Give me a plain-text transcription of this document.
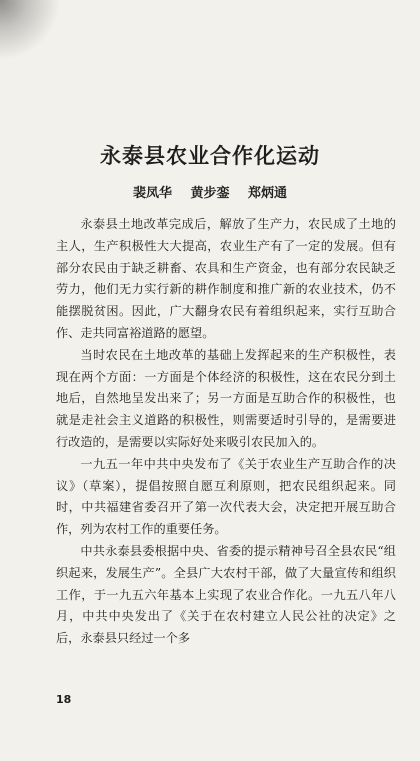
永泰县农业合作化运动
裴凤华 黄步銮 郑炳通

永泰县土地改革完成后，解放了生产力，农民成了土地的主人，生产积极性大大提高，农业生产有了一定的发展。但有部分农民由于缺乏耕畜、农具和生产资金，也有部分农民缺乏劳力，他们无力实行新的耕作制度和推广新的农业技术，仍不能摆脱贫困。因此，广大翻身农民有着组织起来，实行互助合作、走共同富裕道路的愿望。

当时农民在土地改革的基础上发挥起来的生产积极性，表现在两个方面：一方面是个体经济的积极性，这在农民分到土地后，自然地呈发出来了；另一方面是互助合作的积极性，也就是走社会主义道路的积极性，则需要适时引导的，是需要进行改造的，是需要以实际好处来吸引农民加入的。

一九五一年中共中央发布了《关于农业生产互助合作的决议》（草案），提倡按照自愿互利原则，把农民组织起来。同时，中共福建省委召开了第一次代表大会，决定把开展互助合作，列为农村工作的重要任务。

中共永泰县委根据中央、省委的提示精神号召全县农民“组织起来，发展生产”。全县广大农村干部，做了大量宣传和组织工作，于一九五六年基本上实现了农业合作化。一九五八年八月，中共中央发出了《关于在农村建立人民公社的决定》之后，永泰县只经过一个多

18
